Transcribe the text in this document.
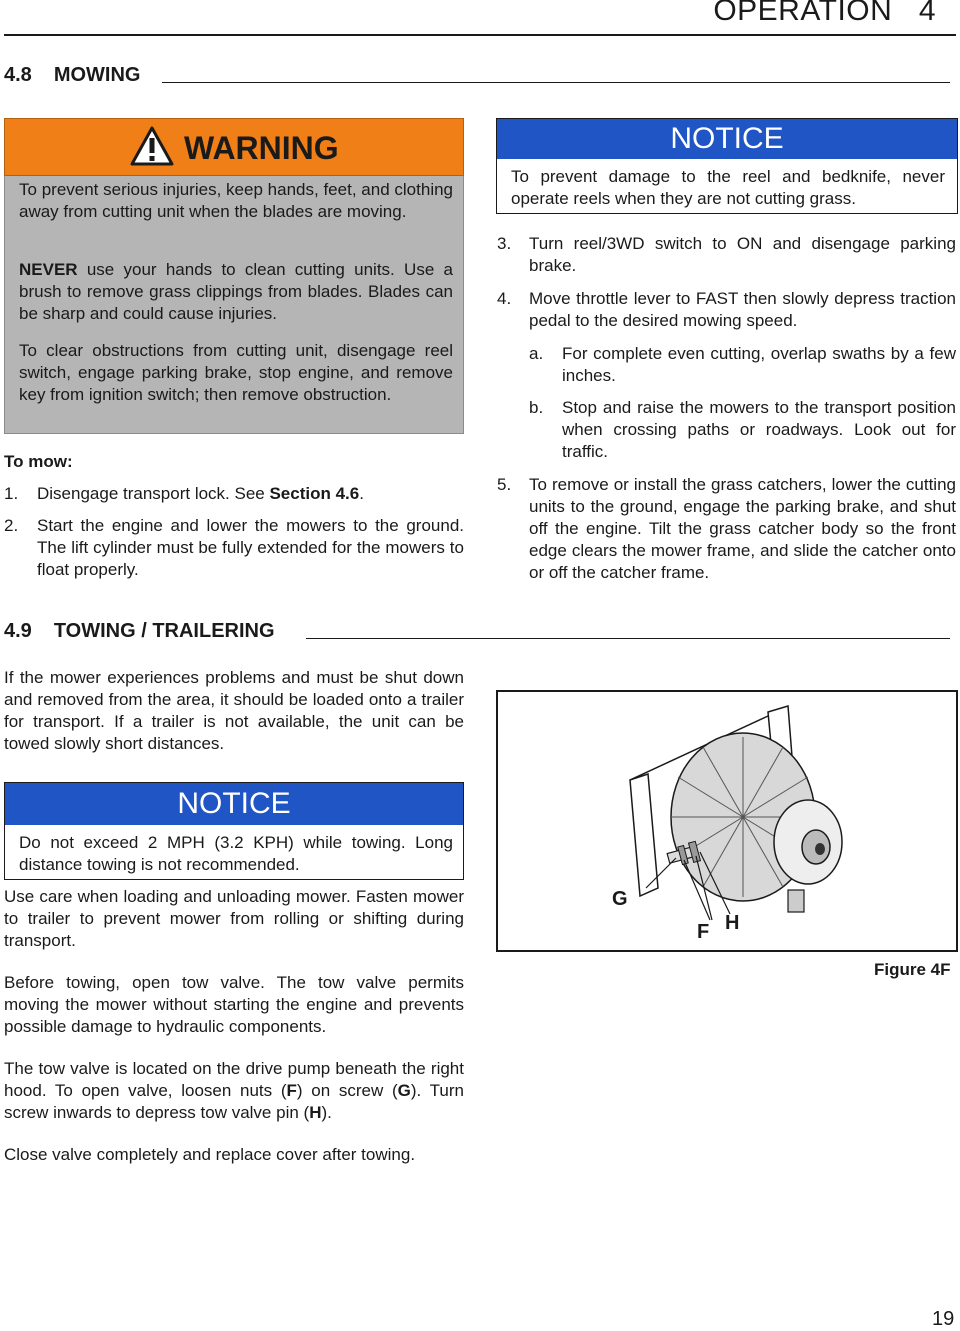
OPERATION 4
4.8 MOWING
WARNING
To prevent serious injuries, keep hands, feet, and clothing away from cutting unit when the blades are moving.
NEVER use your hands to clean cutting units. Use a brush to remove grass clippings from blades. Blades can be sharp and could cause injuries.
To clear obstructions from cutting unit, disengage reel switch, engage parking brake, stop engine, and remove key from ignition switch; then remove obstruction.
To mow:
1.	Disengage transport lock. See Section 4.6.
2.	Start the engine and lower the mowers to the ground. The lift cylinder must be fully extended for the mowers to float properly.
NOTICE
To prevent damage to the reel and bedknife, never operate reels when they are not cutting grass.
3.	Turn reel/3WD switch to ON and disengage parking brake.
4.	Move throttle lever to FAST then slowly depress traction pedal to the desired mowing speed.
a. For complete even cutting, overlap swaths by a few inches.
b. Stop and raise the mowers to the transport position when crossing paths or roadways. Look out for traffic.
5.	To remove or install the grass catchers, lower the cutting units to the ground, engage the parking brake, and shut off the engine. Tilt the grass catcher body so the front edge clears the mower frame, and slide the catcher onto or off the catcher frame.
4.9 TOWING / TRAILERING
If the mower experiences problems and must be shut down and removed from the area, it should be loaded onto a trailer for transport. If a trailer is not available, the unit can be towed slowly short distances.
NOTICE
Do not exceed 2 MPH (3.2 KPH) while towing. Long distance towing is not recommended.
Use care when loading and unloading mower. Fasten mower to trailer to prevent mower from rolling or shifting during transport.
Before towing, open tow valve. The tow valve permits moving the mower without starting the engine and prevents possible damage to hydraulic components.
The tow valve is located on the drive pump beneath the right hood. To open valve, loosen nuts (F) on screw (G). Turn screw inwards to depress tow valve pin (H).
Close valve completely and replace cover after towing.
G
F H
Figure 4F
19
